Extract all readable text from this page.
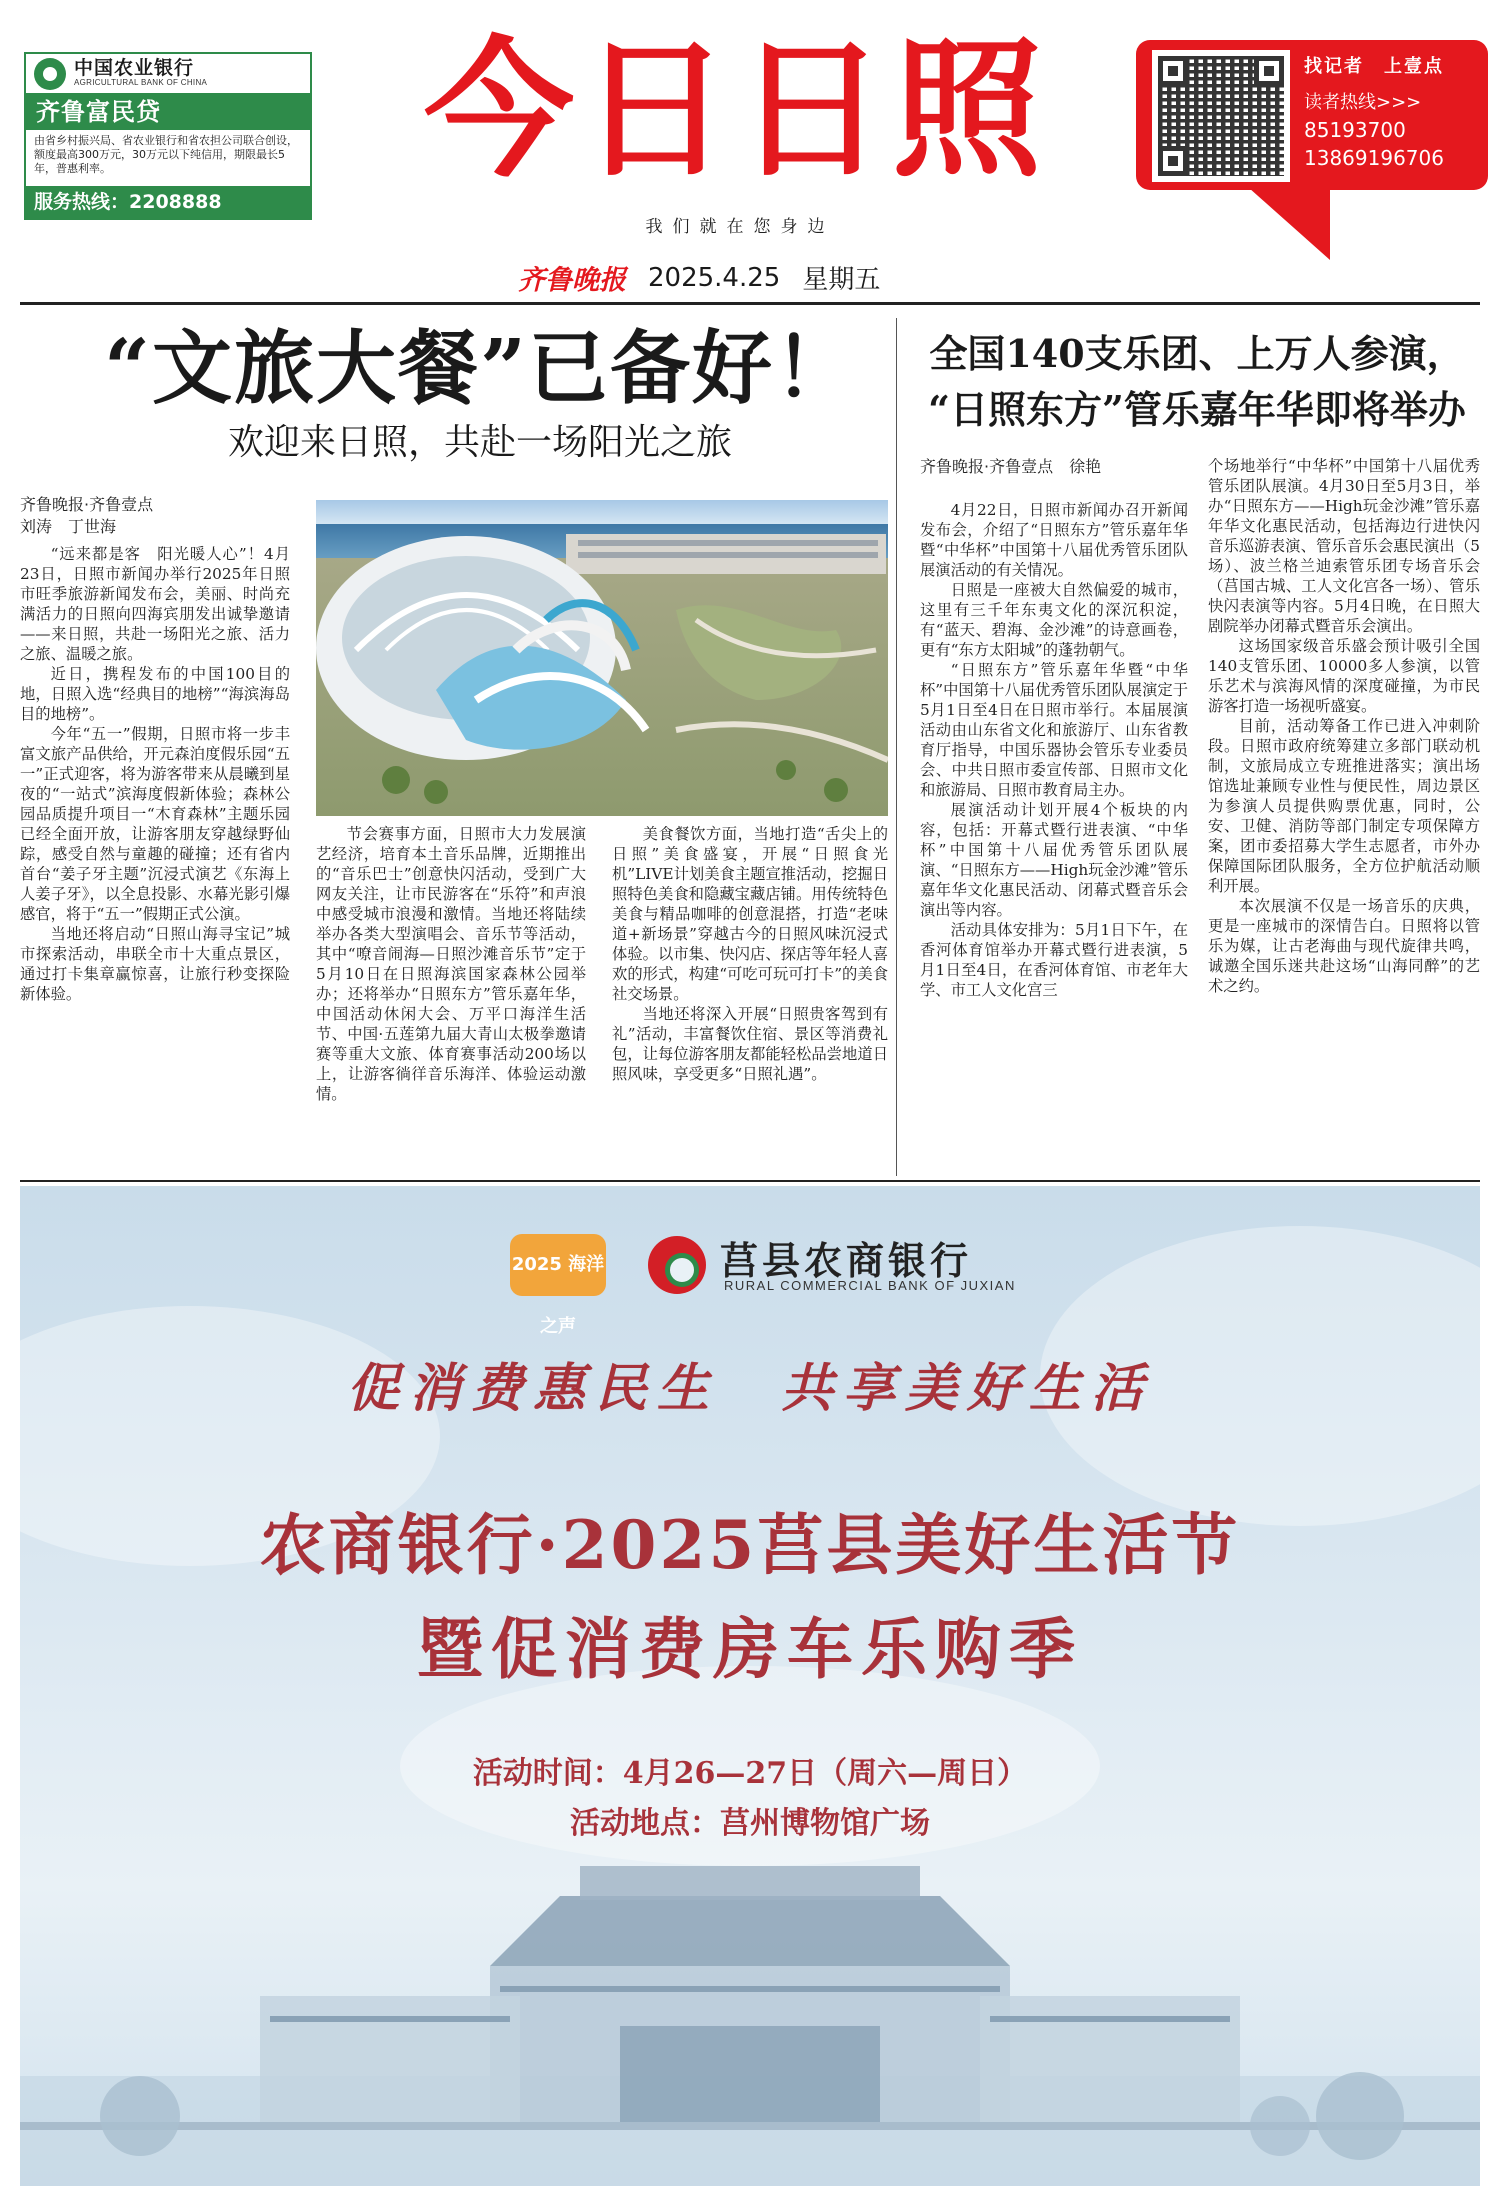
中国农业银行
AGRICULTURAL BANK OF CHINA
齐鲁富民贷
由省乡村振兴局、省农业银行和省农担公司联合创设，额度最高300万元，30万元以下纯信用，期限最长5年，普惠利率。
服务热线：2208888
今日日照
我们就在您身边
齐鲁晚报 2025.4.25 星期五
找记者　上壹点
读者热线>>>
85193700
13869196706
“文旅大餐”已备好！
欢迎来日照，共赴一场阳光之旅
齐鲁晚报·齐鲁壹点
刘涛　丁世海

“远来都是客　阳光暖人心”！4月23日，日照市新闻办举行2025年日照市旺季旅游新闻发布会，美丽、时尚充满活力的日照向四海宾朋发出诚挚邀请——来日照，共赴一场阳光之旅、活力之旅、温暖之旅。

近日，携程发布的中国100目的地，日照入选“经典目的地榜”“海滨海岛目的地榜”。

今年“五一”假期，日照市将一步丰富文旅产品供给，开元森泊度假乐园“五一”正式迎客，将为游客带来从晨曦到星夜的“一站式”滨海度假新体验；森林公园品质提升项目一“木育森林”主题乐园已经全面开放，让游客朋友穿越绿野仙踪，感受自然与童趣的碰撞；还有省内首台“姜子牙主题”沉浸式演艺《东海上人姜子牙》，以全息投影、水幕光影引爆感官，将于“五一”假期正式公演。

当地还将启动“日照山海寻宝记”城市探索活动，串联全市十大重点景区，通过打卡集章赢惊喜，让旅行秒变探险新体验。

节会赛事方面，日照市大力发展演艺经济，培育本土音乐品牌，近期推出的“音乐巴士”创意快闪活动，受到广大网友关注，让市民游客在“乐符”和声浪中感受城市浪漫和激情。当地还将陆续举办各类大型演唱会、音乐节等活动，其中“嘹音闹海—日照沙滩音乐节”定于5月10日在日照海滨国家森林公园举办；还将举办“日照东方”管乐嘉年华，中国活动休闲大会、万平口海洋生活节、中国·五莲第九届大青山太极拳邀请赛等重大文旅、体育赛事活动200场以上，让游客徜徉音乐海洋、体验运动激情。

美食餐饮方面，当地打造“舌尖上的日照”美食盛宴，开展“日照食光机”LIVE计划美食主题宣推活动，挖掘日照特色美食和隐藏宝藏店铺。用传统特色美食与精品咖啡的创意混搭，打造“老味道+新场景”穿越古今的日照风味沉浸式体验。以市集、快闪店、探店等年轻人喜欢的形式，构建“可吃可玩可打卡”的美食社交场景。

当地还将深入开展“日照贵客驾到有礼”活动，丰富餐饮住宿、景区等消费礼包，让每位游客朋友都能轻松品尝地道日照风味，享受更多“日照礼遇”。

全国140支乐团、上万人参演，
“日照东方”管乐嘉年华即将举办
齐鲁晚报·齐鲁壹点　徐艳

4月22日，日照市新闻办召开新闻发布会，介绍了“日照东方”管乐嘉年华暨“中华杯”中国第十八届优秀管乐团队展演活动的有关情况。

日照是一座被大自然偏爱的城市，这里有三千年东夷文化的深沉积淀，有“蓝天、碧海、金沙滩”的诗意画卷，更有“东方太阳城”的蓬勃朝气。

“日照东方”管乐嘉年华暨“中华杯”中国第十八届优秀管乐团队展演定于5月1日至4日在日照市举行。本届展演活动由山东省文化和旅游厅、山东省教育厅指导，中国乐器协会管乐专业委员会、中共日照市委宣传部、日照市文化和旅游局、日照市教育局主办。

展演活动计划开展4个板块的内容，包括：开幕式暨行进表演、“中华杯”中国第十八届优秀管乐团队展演、“日照东方——High玩金沙滩”管乐嘉年华文化惠民活动、闭幕式暨音乐会演出等内容。

活动具体安排为：5月1日下午，在香河体育馆举办开幕式暨行进表演，5月1日至4日，在香河体育馆、市老年大学、市工人文化宫三

个场地举行“中华杯”中国第十八届优秀管乐团队展演。4月30日至5月3日，举办“日照东方——High玩金沙滩”管乐嘉年华文化惠民活动，包括海边行进快闪音乐巡游表演、管乐音乐会惠民演出（5场）、波兰格兰迪索管乐团专场音乐会（莒国古城、工人文化宫各一场）、管乐快闪表演等内容。5月4日晚，在日照大剧院举办闭幕式暨音乐会演出。

这场国家级音乐盛会预计吸引全国140支管乐团、10000多人参演，以管乐艺术与滨海风情的深度碰撞，为市民游客打造一场视听盛宴。

目前，活动筹备工作已进入冲刺阶段。日照市政府统筹建立多部门联动机制，文旅局成立专班推进落实；演出场馆选址兼顾专业性与便民性，周边景区为参演人员提供购票优惠，同时，公安、卫健、消防等部门制定专项保障方案，团市委招募大学生志愿者，市外办保障国际团队服务，全方位护航活动顺利开展。

本次展演不仅是一场音乐的庆典，更是一座城市的深情告白。日照将以管乐为媒，让古老海曲与现代旋律共鸣，诚邀全国乐迷共赴这场“山海同醉”的艺术之约。

2025 海洋之声
莒县农商银行
RURAL COMMERCIAL BANK OF JUXIAN
促消费惠民生　共享美好生活
农商银行·2025莒县美好生活节
暨促消费房车乐购季
活动时间：4月26—27日（周六—周日）
活动地点：莒州博物馆广场
